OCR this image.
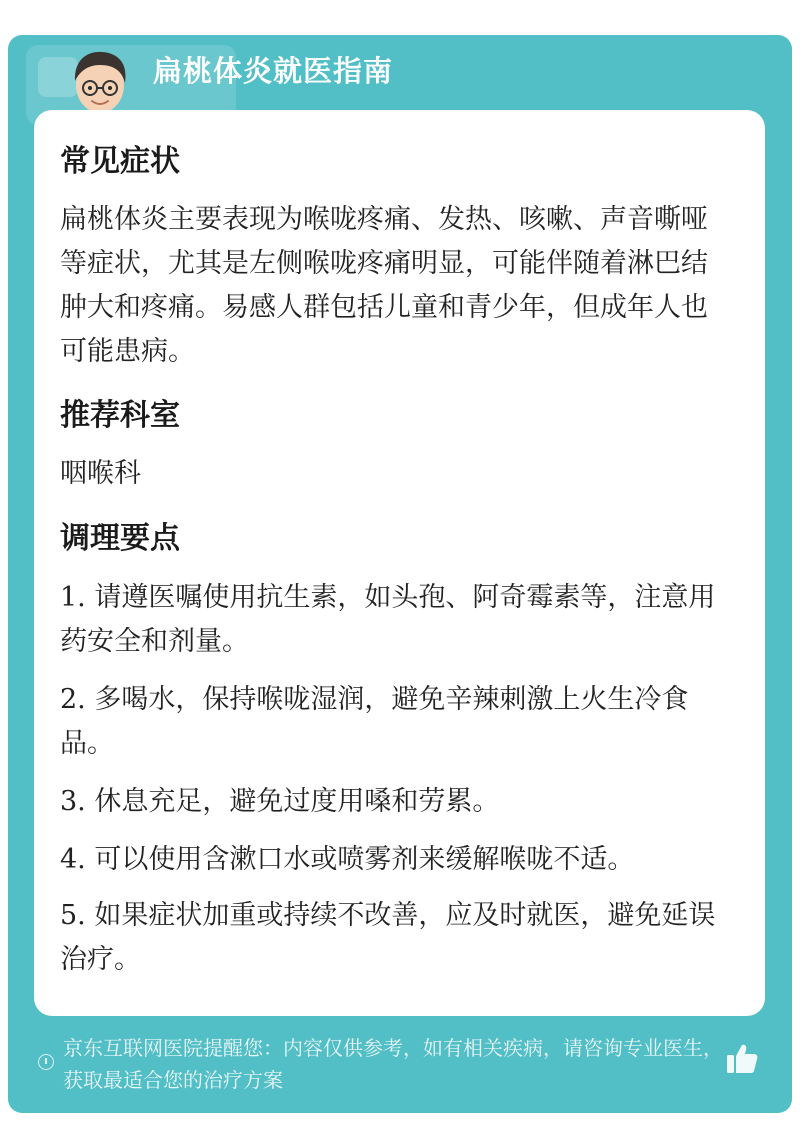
扁桃体炎就医指南
常见症状
扁桃体炎主要表现为喉咙疼痛、发热、咳嗽、声音嘶哑等症状，尤其是左侧喉咙疼痛明显，可能伴随着淋巴结肿大和疼痛。易感人群包括儿童和青少年，但成年人也可能患病。
推荐科室
咽喉科
调理要点
1. 请遵医嘱使用抗生素，如头孢、阿奇霉素等，注意用药安全和剂量。
2. 多喝水，保持喉咙湿润，避免辛辣刺激上火生冷食品。
3. 休息充足，避免过度用嗓和劳累。
4. 可以使用含漱口水或喷雾剂来缓解喉咙不适。
5. 如果症状加重或持续不改善，应及时就医，避免延误治疗。
京东互联网医院提醒您：内容仅供参考，如有相关疾病，请咨询专业医生，获取最适合您的治疗方案
